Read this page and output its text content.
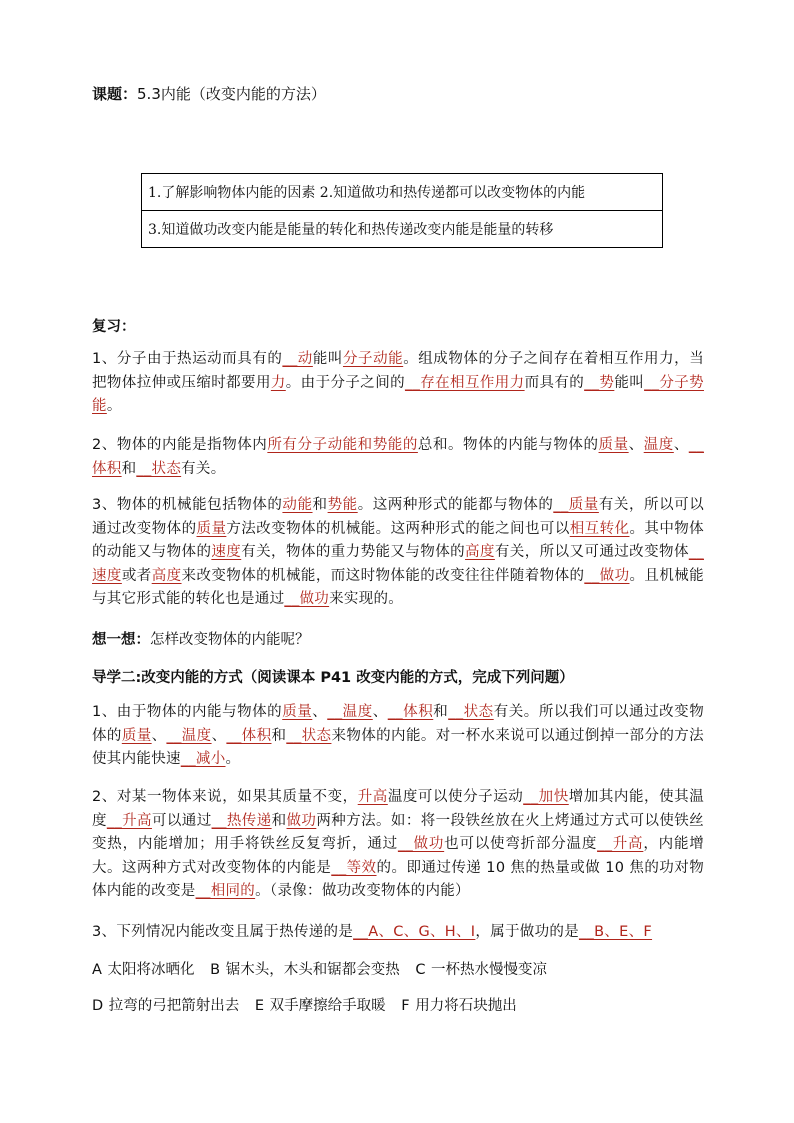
课题：5.3内能（改变内能的方法）
1.了解影响物体内能的因素 2.知道做功和热传递都可以改变物体的内能
3.知道做功改变内能是能量的转化和热传递改变内能是能量的转移
复习：
1、分子由于热运动而具有的__动能叫分子动能。组成物体的分子之间存在着相互作用力，当把物体拉伸或压缩时都要用力。由于分子之间的__存在相互作用力而具有的__势能叫__分子势能。
2、物体的内能是指物体内所有分子动能和势能的总和。物体的内能与物体的质量、温度、__体积和__状态有关。
3、物体的机械能包括物体的动能和势能。这两种形式的能都与物体的__质量有关，所以可以通过改变物体的质量方法改变物体的机械能。这两种形式的能之间也可以相互转化。其中物体的动能又与物体的速度有关，物体的重力势能又与物体的高度有关，所以又可通过改变物体__速度或者高度来改变物体的机械能，而这时物体能的改变往往伴随着物体的__做功。且机械能与其它形式能的转化也是通过__做功来实现的。
想一想：怎样改变物体的内能呢？
导学二:改变内能的方式（阅读课本 P41 改变内能的方式，完成下列问题）
1、由于物体的内能与物体的质量、__温度、__体积和__状态有关。所以我们可以通过改变物体的质量、__温度、__体积和__状态来物体的内能。对一杯水来说可以通过倒掉一部分的方法使其内能快速__减小。
2、对某一物体来说，如果其质量不变，升高温度可以使分子运动__加快增加其内能，使其温度__升高可以通过__热传递和做功两种方法。如：将一段铁丝放在火上烤通过方式可以使铁丝变热，内能增加；用手将铁丝反复弯折，通过__做功也可以使弯折部分温度__升高，内能增大。这两种方式对改变物体的内能是__等效的。即通过传递 10 焦的热量或做 10 焦的功对物体内能的改变是__相同的。（录像：做功改变物体的内能）
3、下列情况内能改变且属于热传递的是__A、C、G、H、I，属于做功的是__B、E、F
A 太阳将冰晒化 B 锯木头，木头和锯都会变热 C 一杯热水慢慢变凉
D 拉弯的弓把箭射出去 E 双手摩擦给手取暖 F 用力将石块抛出
